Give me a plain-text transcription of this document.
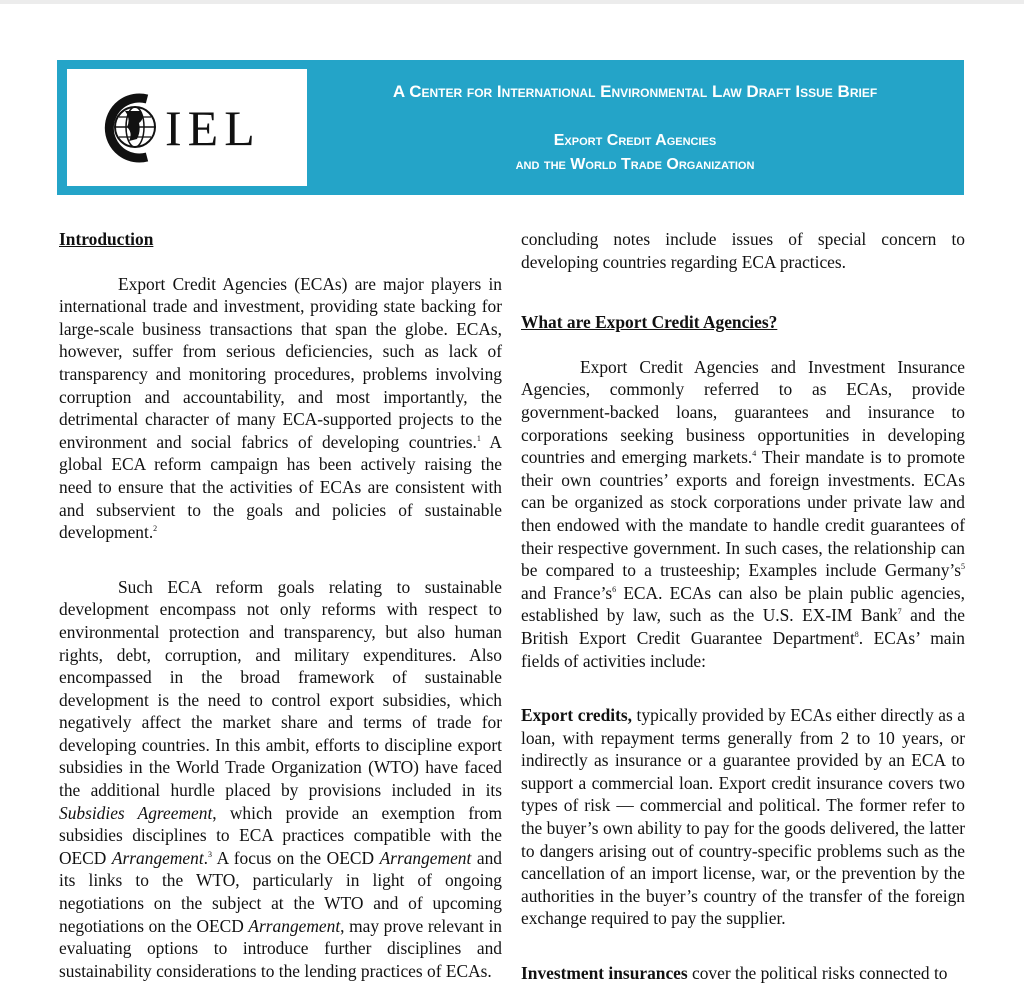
IEL
A Center for International Environmental Law Draft Issue Brief
Export Credit Agencies
and the World Trade Organization

Introduction

Export Credit Agencies (ECAs) are major players in international trade and investment, providing state backing for large-scale business transactions that span the globe. ECAs, however, suffer from serious deficiencies, such as lack of transparency and monitoring procedures, problems involving corruption and accountability, and most importantly, the detrimental character of many ECA-supported projects to the environment and social fabrics of developing countries.$^1$ A global ECA reform campaign has been actively raising the need to ensure that the activities of ECAs are consistent with and subservient to the goals and policies of sustainable development.$^2$

Such ECA reform goals relating to sustainable development encompass not only reforms with respect to environmental protection and transparency, but also human rights, debt, corruption, and military expenditures. Also encompassed in the broad framework of sustainable development is the need to control export subsidies, which negatively affect the market share and terms of trade for developing countries. In this ambit, efforts to discipline export subsidies in the World Trade Organization (WTO) have faced the additional hurdle placed by provisions included in its Subsidies Agreement, which provide an exemption from subsidies disciplines to ECA practices compatible with the OECD Arrangement.$^3$ A focus on the OECD Arrangement and its links to the WTO, particularly in light of ongoing negotiations on the subject at the WTO and of upcoming negotiations on the OECD Arrangement, may prove relevant in evaluating options to introduce further disciplines and sustainability considerations to the lending practices of ECAs.

concluding notes include issues of special concern to developing countries regarding ECA practices.

What are Export Credit Agencies?

Export Credit Agencies and Investment Insurance Agencies, commonly referred to as ECAs, provide government-backed loans, guarantees and insurance to corporations seeking business opportunities in developing countries and emerging markets.$^4$ Their mandate is to promote their own countries’ exports and foreign investments. ECAs can be organized as stock corporations under private law and then endowed with the mandate to handle credit guarantees of their respective government. In such cases, the relationship can be compared to a trusteeship; Examples include $Germany’s^5$ and $France’s^6$ ECA. ECAs can also be plain public agencies, established by law, such as the U.S. EX-IM Bank$^7$ and the British Export Credit Guarantee Department$^8$. ECAs’ main fields of activities include:

Export credits, typically provided by ECAs either directly as a loan, with repayment terms generally from 2 to 10 years, or indirectly as insurance or a guarantee provided by an ECA to support a commercial loan. Export credit insurance covers two types of risk — commercial and political. The former refer to the buyer’s own ability to pay for the goods delivered, the latter to dangers arising out of country-specific problems such as the cancellation of an import license, war, or the prevention by the authorities in the buyer’s country of the transfer of the foreign exchange required to pay the supplier.

Investment insurances cover the political risks connected to
